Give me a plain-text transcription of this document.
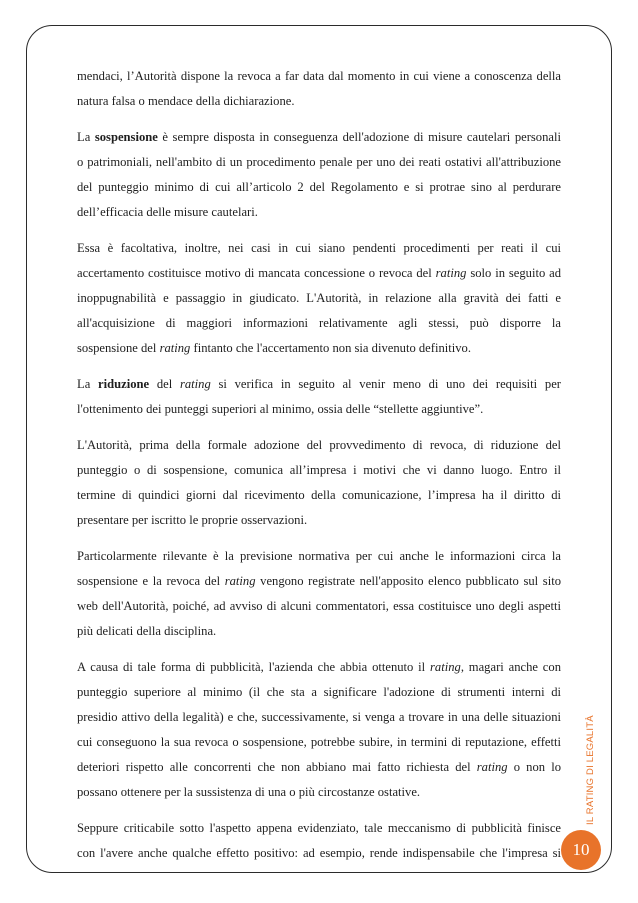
mendaci, l’Autorità dispone la revoca a far data dal momento in cui viene a conoscenza della
natura falsa o mendace della dichiarazione.

La sospensione è sempre disposta in conseguenza dell'adozione di misure cautelari personali
o patrimoniali, nell'ambito di un procedimento penale per uno dei reati ostativi all'attribuzione
del punteggio minimo di cui all’articolo 2 del Regolamento e si protrae sino al perdurare
dell’efficacia delle misure cautelari.

Essa è facoltativa, inoltre, nei casi in cui siano pendenti procedimenti per reati il cui
accertamento costituisce motivo di mancata concessione o revoca del rating solo in seguito ad
inoppugnabilità e passaggio in giudicato. L'Autorità, in relazione alla gravità dei fatti e
all'acquisizione di maggiori informazioni relativamente agli stessi, può disporre la
sospensione del rating fintanto che l'accertamento non sia divenuto definitivo.

La riduzione del rating si verifica in seguito al venir meno di uno dei requisiti per
l'ottenimento dei punteggi superiori al minimo, ossia delle “stellette aggiuntive”.

L'Autorità, prima della formale adozione del provvedimento di revoca, di riduzione del
punteggio o di sospensione, comunica all’impresa i motivi che vi danno luogo. Entro il
termine di quindici giorni dal ricevimento della comunicazione, l’impresa ha il diritto di
presentare per iscritto le proprie osservazioni.

Particolarmente rilevante è la previsione normativa per cui anche le informazioni circa la
sospensione e la revoca del rating vengono registrate nell'apposito elenco pubblicato sul sito
web dell'Autorità, poiché, ad avviso di alcuni commentatori, essa costituisce uno degli aspetti
più delicati della disciplina.

A causa di tale forma di pubblicità, l'azienda che abbia ottenuto il rating, magari anche con
punteggio superiore al minimo (il che sta a significare l'adozione di strumenti interni di
presidio attivo della legalità) e che, successivamente, si venga a trovare in una delle situazioni
cui conseguono la sua revoca o sospensione, potrebbe subire, in termini di reputazione, effetti
deteriori rispetto alle concorrenti che non abbiano mai fatto richiesta del rating o non lo
possano ottenere per la sussistenza di una o più circostanze ostative.

Seppure criticabile sotto l'aspetto appena evidenziato, tale meccanismo di pubblicità finisce
con l'avere anche qualche effetto positivo: ad esempio, rende indispensabile che l'impresa si

IL RATING DI LEGALITÀ
10
